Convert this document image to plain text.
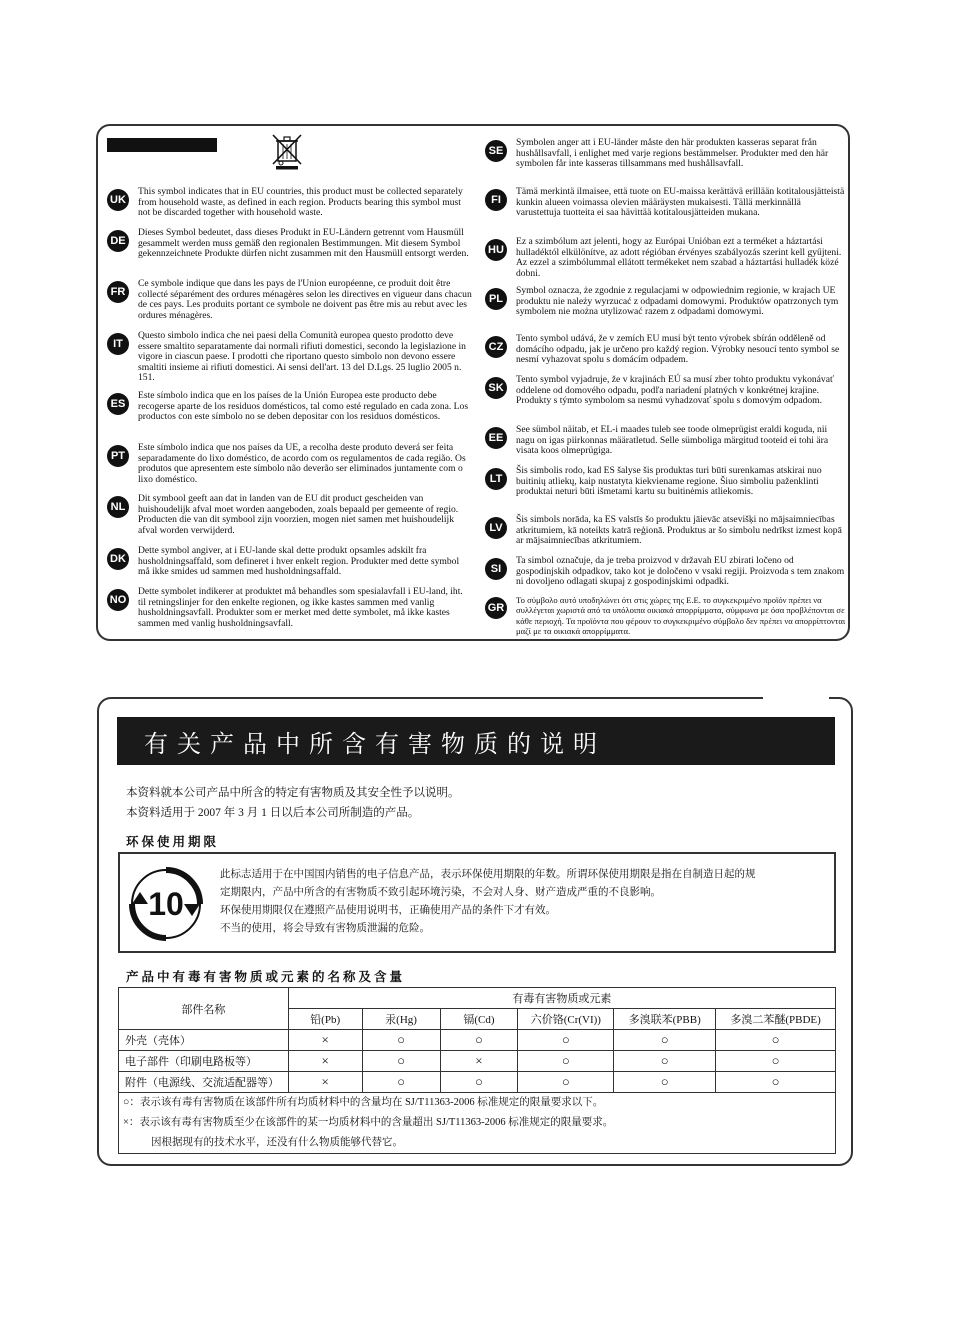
UK
This symbol indicates that in EU countries, this product must be collected separately from household waste, as defined in each region. Products bearing this symbol must not be discarded together with household waste.
DE
Dieses Symbol bedeutet, dass dieses Produkt in EU-Ländern getrennt vom Hausmüll gesammelt werden muss gemäß den regionalen Bestimmungen. Mit diesem Symbol gekennzeichnete Produkte dürfen nicht zusammen mit den Hausmüll entsorgt werden.
FR
Ce symbole indique que dans les pays de l'Union européenne, ce produit doit être collecté séparément des ordures ménagères selon les directives en vigueur dans chacun de ces pays. Les produits portant ce symbole ne doivent pas être mis au rebut avec les ordures ménagères.
IT
Questo simbolo indica che nei paesi della Comunità europea questo prodotto deve essere smaltito separatamente dai normali rifiuti domestici, secondo la legislazione in vigore in ciascun paese. I prodotti che riportano questo simbolo non devono essere smaltiti insieme ai rifiuti domestici. Ai sensi dell'art. 13 del D.Lgs. 25 luglio 2005 n. 151.
ES
Este símbolo indica que en los países de la Unión Europea este producto debe recogerse aparte de los residuos domésticos, tal como esté regulado en cada zona. Los productos con este símbolo no se deben depositar con los residuos domésticos.
PT
Este símbolo indica que nos países da UE, a recolha deste produto deverá ser feita separadamente do lixo doméstico, de acordo com os regulamentos de cada região. Os produtos que apresentem este símbolo não deverão ser eliminados juntamente com o lixo doméstico.
NL
Dit symbool geeft aan dat in landen van de EU dit product gescheiden van huishoudelijk afval moet worden aangeboden, zoals bepaald per gemeente of regio. Producten die van dit symbool zijn voorzien, mogen niet samen met huishoudelijk afval worden verwijderd.
DK
Dette symbol angiver, at i EU-lande skal dette produkt opsamles adskilt fra husholdningsaffald, som defineret i hver enkelt region. Produkter med dette symbol må ikke smides ud sammen med husholdningsaffald.
NO
Dette symbolet indikerer at produktet må behandles som spesialavfall i EU-land, iht. til retningslinjer for den enkelte regionen, og ikke kastes sammen med vanlig husholdningsavfall. Produkter som er merket med dette symbolet, må ikke kastes sammen med vanlig husholdningsavfall.
SE
Symbolen anger att i EU-länder måste den här produkten kasseras separat från hushållsavfall, i enlighet med varje regions bestämmelser. Produkter med den här symbolen får inte kasseras tillsammans med hushållsavfall.
FI
Tämä merkintä ilmaisee, että tuote on EU-maissa kerättävä erillään kotitalousjätteistä kunkin alueen voimassa olevien määräysten mukaisesti. Tällä merkinnällä varustettuja tuotteita ei saa hävittää kotitalousjätteiden mukana.
HU
Ez a szimbólum azt jelenti, hogy az Európai Unióban ezt a terméket a háztartási hulladéktól elkülönítve, az adott régióban érvényes szabályozás szerint kell gyűjteni. Az ezzel a szimbólummal ellátott termékeket nem szabad a háztartási hulladék közé dobni.
PL
Symbol oznacza, że zgodnie z regulacjami w odpowiednim regionie, w krajach UE produktu nie należy wyrzucać z odpadami domowymi. Produktów opatrzonych tym symbolem nie można utylizować razem z odpadami domowymi.
CZ
Tento symbol udává, že v zemích EU musí být tento výrobek sbírán odděleně od domácího odpadu, jak je určeno pro každý region. Výrobky nesoucí tento symbol se nesmí vyhazovat spolu s domácím odpadem.
SK
Tento symbol vyjadruje, že v krajinách EÚ sa musí zber tohto produktu vykonávať oddelene od domového odpadu, podľa nariadení platných v konkrétnej krajine. Produkty s týmto symbolom sa nesmú vyhadzovať spolu s domovým odpadom.
EE
See sümbol näitab, et EL-i maades tuleb see toode olmeprügist eraldi koguda, nii nagu on igas piirkonnas määratletud. Selle sümboliga märgitud tooteid ei tohi ära visata koos olmeprügiga.
LT
Šis simbolis rodo, kad ES šalyse šis produktas turi būti surenkamas atskirai nuo buitinių atliekų, kaip nustatyta kiekviename regione. Šiuo simboliu paženklinti produktai neturi būti išmetami kartu su buitinėmis atliekomis.
LV
Šis simbols norāda, ka ES valstīs šo produktu jāievāc atsevišķi no mājsaimniecības atkritumiem, kā noteikts katrā reģionā. Produktus ar šo simbolu nedrīkst izmest kopā ar mājsaimniecības atkritumiem.
SI
Ta simbol označuje, da je treba proizvod v državah EU zbirati ločeno od gospodinjskih odpadkov, tako kot je določeno v vsaki regiji. Proizvoda s tem znakom ni dovoljeno odlagati skupaj z gospodinjskimi odpadki.
GR
Το σύμβολο αυτό υποδηλώνει ότι στις χώρες της Ε.Ε. το συγκεκριμένο προϊόν πρέπει να συλλέγεται χωριστά από τα υπόλοιπα οικιακά απορρίμματα, σύμφωνα με όσα προβλέπονται σε κάθε περιοχή. Τα προϊόντα που φέρουν το συγκεκριμένο σύμβολο δεν πρέπει να απορρίπτονται μαζί με τα οικιακά απορρίμματα.
有关产品中所含有害物质的说明
本资料就本公司产品中所含的特定有害物质及其安全性予以说明。
本资料适用于 2007 年 3 月 1 日以后本公司所制造的产品。
环保使用期限
10
此标志适用于在中国国内销售的电子信息产品，表示环保使用期限的年数。所谓环保使用期限是指在自制造日起的规
定期限内，产品中所含的有害物质不致引起环境污染，不会对人身、财产造成严重的不良影响。
环保使用期限仅在遵照产品使用说明书，正确使用产品的条件下才有效。
不当的使用，将会导致有害物质泄漏的危险。
产品中有毒有害物质或元素的名称及含量
部件名称	有毒有害物质或元素					
	铅(Pb)	汞(Hg)	镉(Cd)	六价铬(Cr(VI))	多溴联苯(PBB)	多溴二苯醚(PBDE)
外壳（壳体）	×	○	○	○	○	○
电子部件（印刷电路板等）	×	○	×	○	○	○
附件（电源线、交流适配器等）	×	○	○	○	○	○

○：表示该有毒有害物质在该部件所有均质材料中的含量均在 SJ/T11363-2006 标准规定的限量要求以下。
×：表示该有毒有害物质至少在该部件的某一均质材料中的含量超出 SJ/T11363-2006 标准规定的限量要求。
因根据现有的技术水平，还没有什么物质能够代替它。						
